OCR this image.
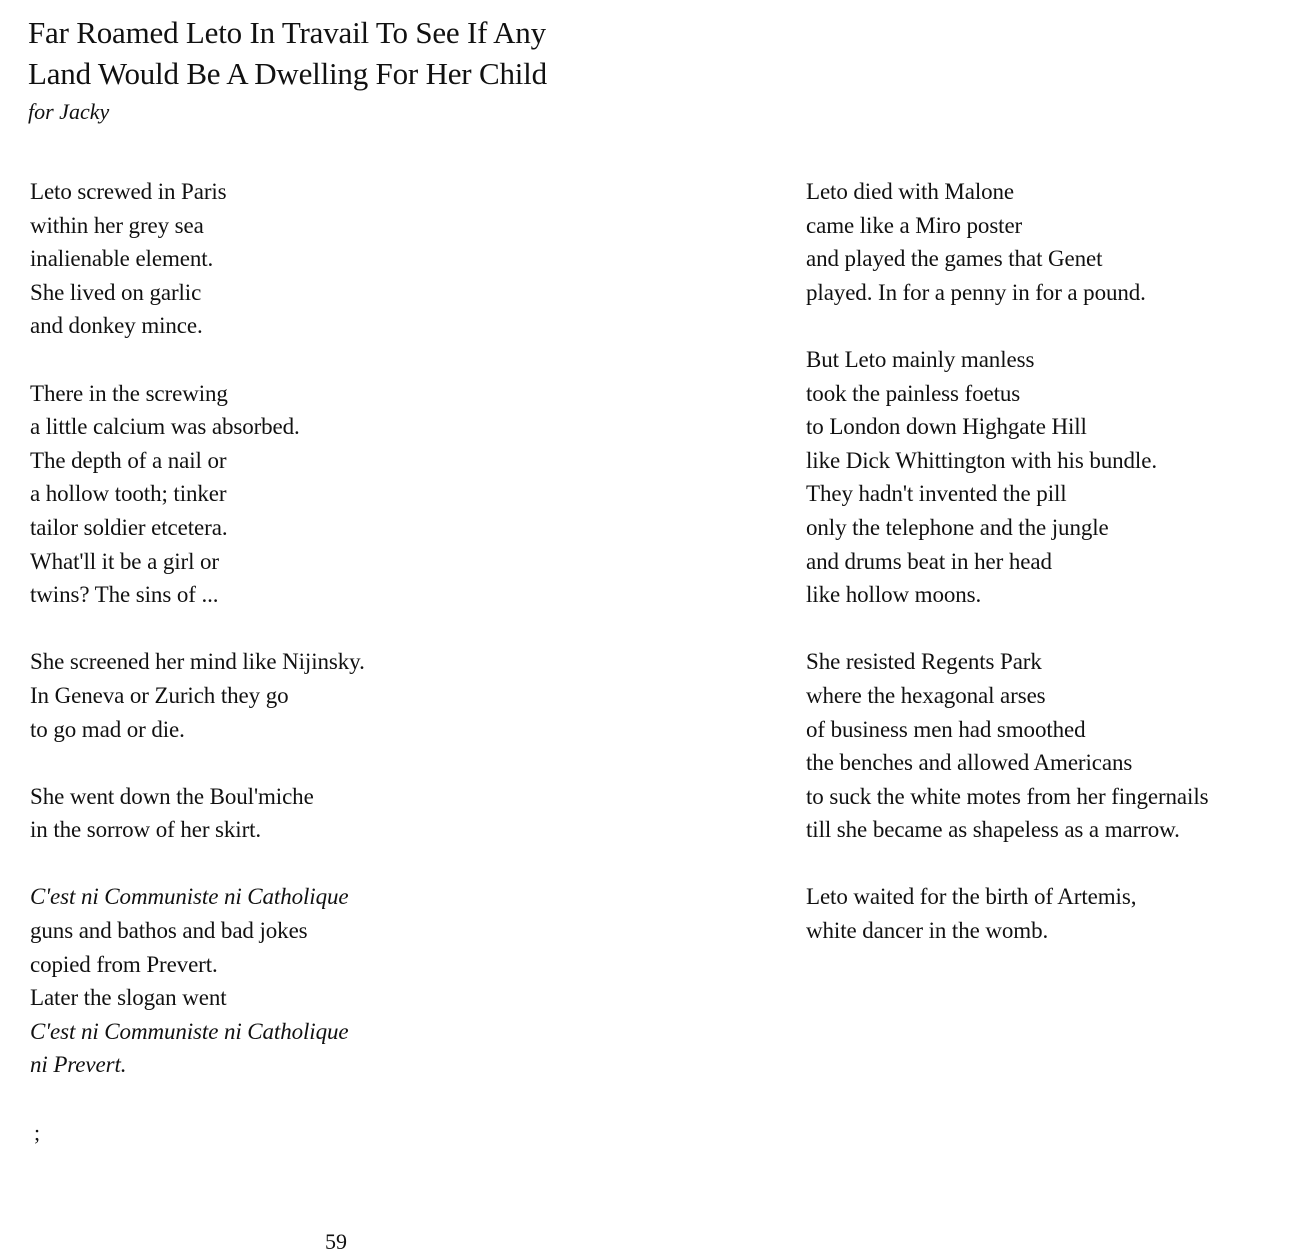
Far Roamed Leto In Travail To See If Any
Land Would Be A Dwelling For Her Child
for Jacky
Leto screwed in Paris
within her grey sea
inalienable element.
She lived on garlic
and donkey mince.
There in the screwing
a little calcium was absorbed.
The depth of a nail or
a hollow tooth; tinker
tailor soldier etcetera.
What'll it be a girl or
twins? The sins of ...
She screened her mind like Nijinsky.
In Geneva or Zurich they go
to go mad or die.
She went down the Boul'miche
in the sorrow of her skirt.
C'est ni Communiste ni Catholique
guns and bathos and bad jokes
copied from Prevert.
Later the slogan went
C'est ni Communiste ni Catholique
ni Prevert.
Leto died with Malone
came like a Miro poster
and played the games that Genet
played. In for a penny in for a pound.
But Leto mainly manless
took the painless foetus
to London down Highgate Hill
like Dick Whittington with his bundle.
They hadn't invented the pill
only the telephone and the jungle
and drums beat in her head
like hollow moons.
She resisted Regents Park
where the hexagonal arses
of business men had smoothed
the benches and allowed Americans
to suck the white motes from her fingernails
till she became as shapeless as a marrow.
Leto waited for the birth of Artemis,
white dancer in the womb.
;
59
